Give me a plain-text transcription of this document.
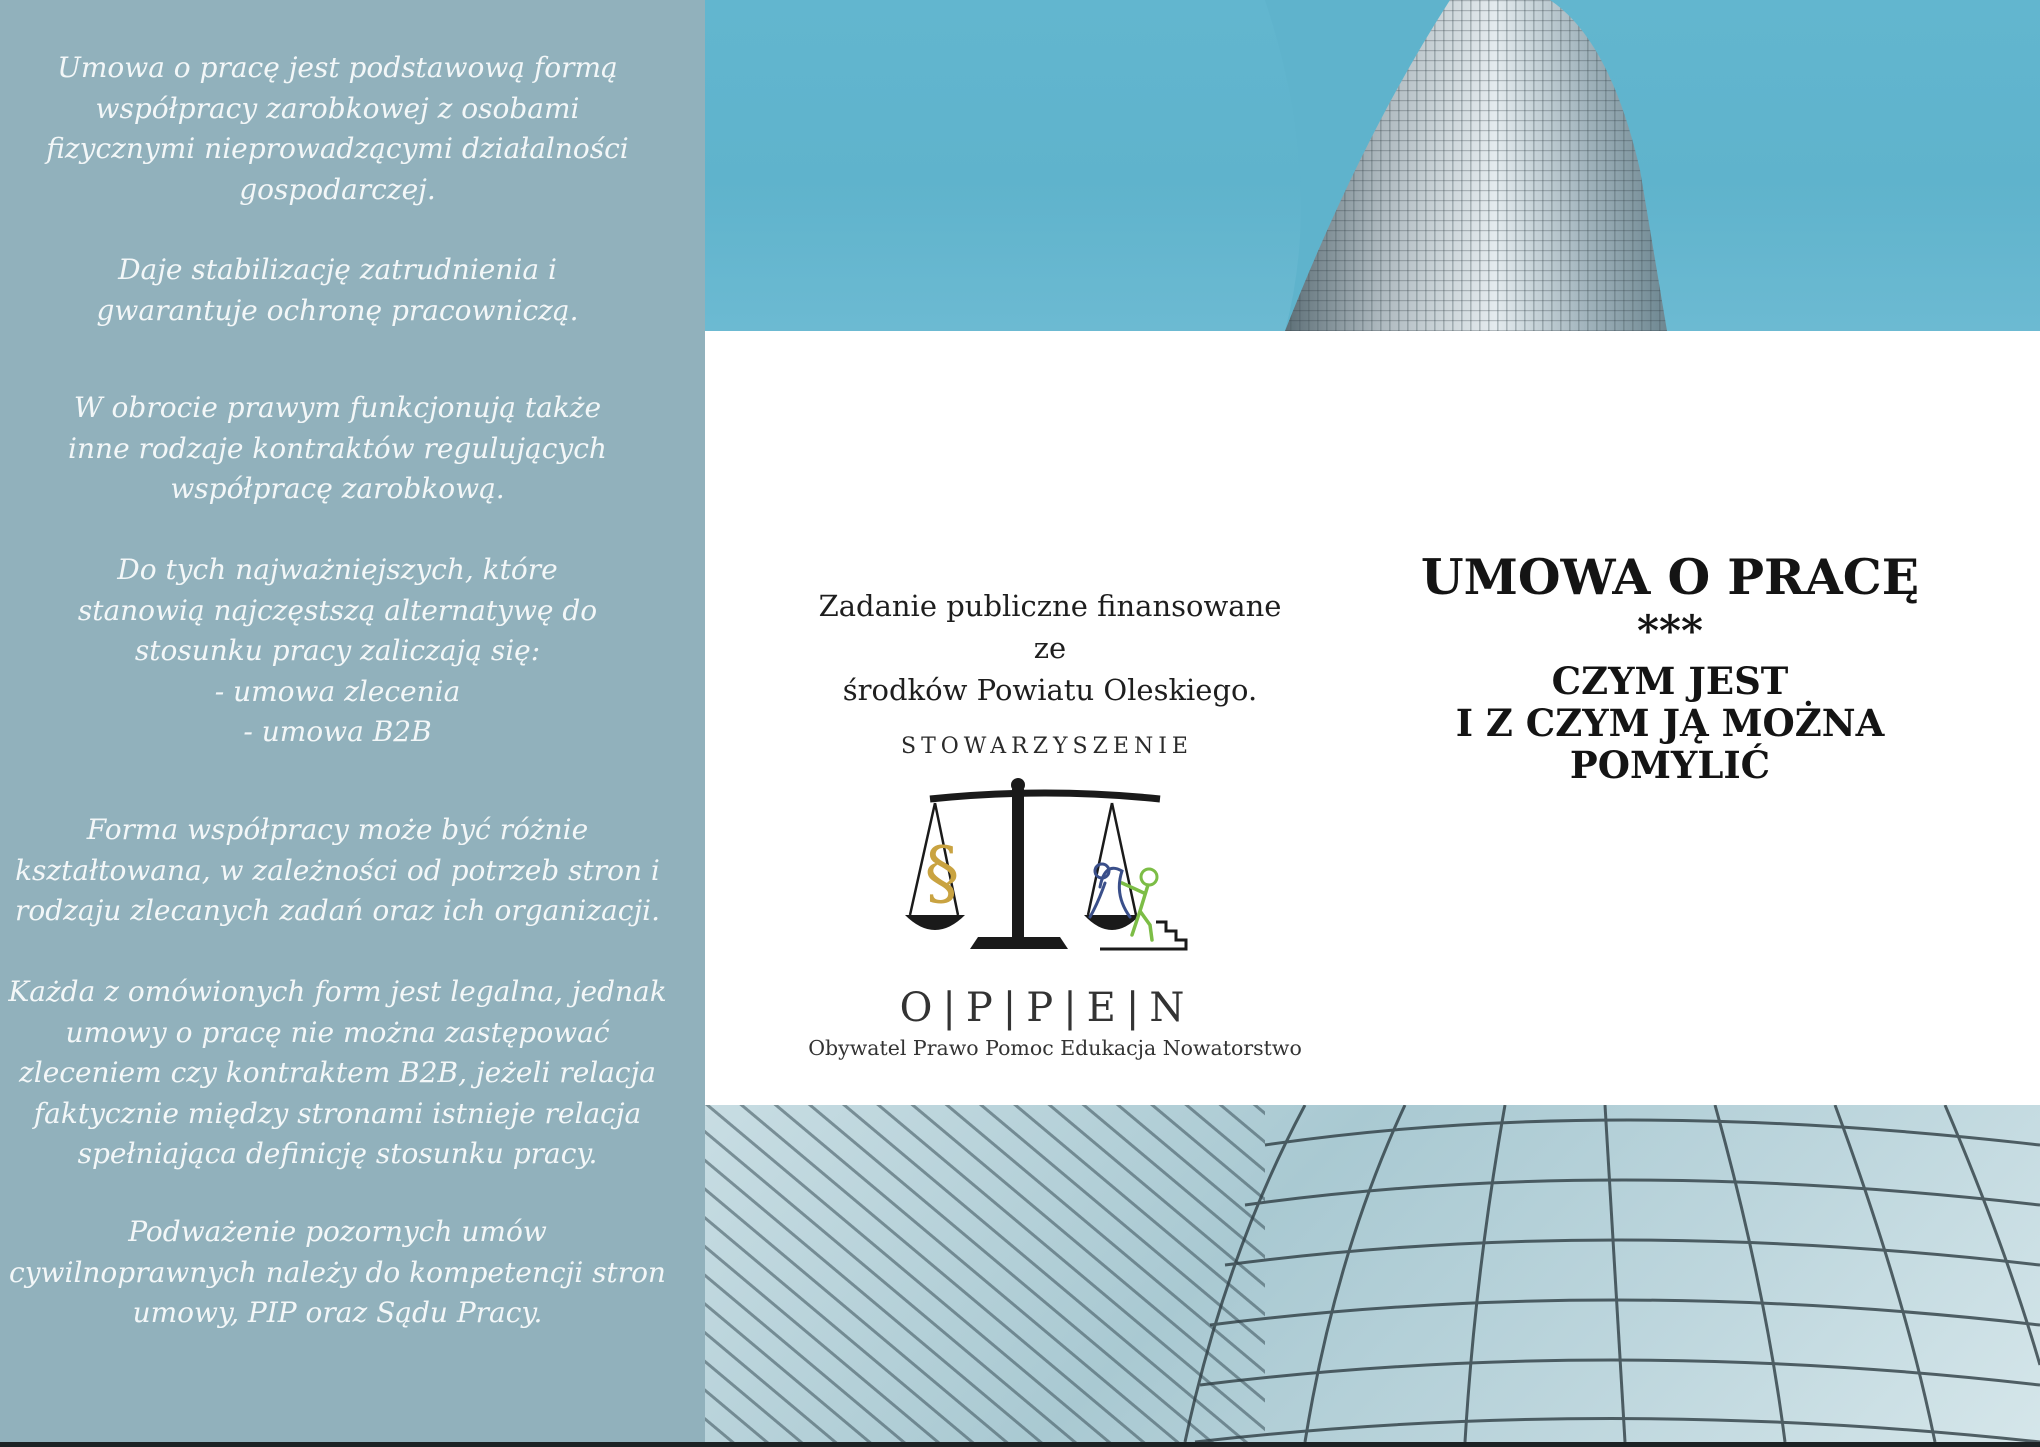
Umowa o pracę jest podstawową formą
współpracy zarobkowej z osobami
fizycznymi nieprowadzącymi działalności
gospodarczej.
Daje stabilizację zatrudnienia i
gwarantuje ochronę pracowniczą.
W obrocie prawym funkcjonują także
inne rodzaje kontraktów regulujących
współpracę zarobkową.
Do tych najważniejszych, które
stanowią najczęstszą alternatywę do
stosunku pracy zaliczają się:
- umowa zlecenia
- umowa B2B
Forma współpracy może być różnie
kształtowana, w zależności od potrzeb stron i
rodzaju zlecanych zadań oraz ich organizacji.
Każda z omówionych form jest legalna, jednak
umowy o pracę nie można zastępować
zleceniem czy kontraktem B2B, jeżeli relacja
faktycznie między stronami istnieje relacja
spełniająca definicję stosunku pracy.
Podważenie pozornych umów
cywilnoprawnych należy do kompetencji stron
umowy, PIP oraz Sądu Pracy.
Zadanie publiczne finansowane ze
środków Powiatu Oleskiego.
STOWARZYSZENIE
§
O|P|P|E|N
Obywatel Prawo Pomoc Edukacja Nowatorstwo
UMOWA O PRACĘ
***
CZYM JEST
I Z CZYM JĄ MOŻNA
POMYLIĆ
